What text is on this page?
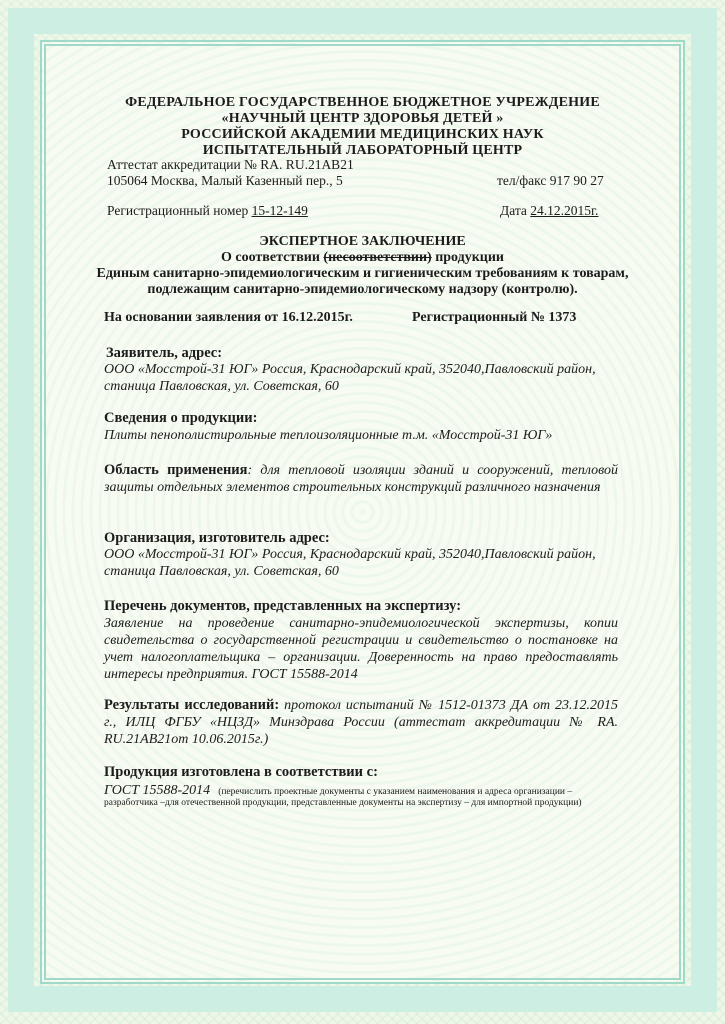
ФЕДЕРАЛЬНОЕ ГОСУДАРСТВЕННОЕ БЮДЖЕТНОЕ УЧРЕЖДЕНИЕ
«НАУЧНЫЙ ЦЕНТР ЗДОРОВЬЯ ДЕТЕЙ »
РОССИЙСКОЙ АКАДЕМИИ МЕДИЦИНСКИХ НАУК
ИСПЫТАТЕЛЬНЫЙ ЛАБОРАТОРНЫЙ ЦЕНТР
Аттестат аккредитации № RA. RU.21AB21
105064 Москва, Малый Казенный пер., 5	тел/факс 917 90 27
Регистрационный номер 15-12-149	Дата 24.12.2015г.
ЭКСПЕРТНОЕ ЗАКЛЮЧЕНИЕ
О соответствии (несоответствии) продукции
Единым санитарно-эпидемиологическим и гигиеническим требованиям к товарам,
подлежащим санитарно-эпидемиологическому надзору (контролю).
На основании заявления от 16.12.2015г.	Регистрационный № 1373
Заявитель, адрес:
ООО «Мосстрой-31 ЮГ» Россия, Краснодарский край, 352040,Павловский район,
станица Павловская, ул. Советская, 60
Сведения о продукции:
Плиты пенополистирольные теплоизоляционные т.м. «Мосстрой-31 ЮГ»
Область применения: для тепловой изоляции зданий и сооружений, тепловой защиты отдельных элементов строительных конструкций различного назначения
Организация, изготовитель адрес:
ООО «Мосстрой-31 ЮГ» Россия, Краснодарский край, 352040,Павловский район,
станица Павловская, ул. Советская, 60
Перечень документов, представленных на экспертизу:
Заявление на проведение санитарно-эпидемиологической экспертизы, копии свидетельства о государственной регистрации и свидетельство о постановке на учет налогоплательщика – организации. Доверенность на право предоставлять интересы предприятия. ГОСТ 15588-2014
Результаты исследований: протокол испытаний № 1512-01373 ДА от 23.12.2015 г., ИЛЦ ФГБУ «НЦЗД» Минздрава России (аттестат аккредитации № RA. RU.21AB21от 10.06.2015г.)
Продукция изготовлена в соответствии с:
ГОСТ 15588-2014 (перечислить проектные документы с указанием наименования и адреса организации –
разработчика –для отечественной продукции, представленные документы на экспертизу – для импортной продукции)
